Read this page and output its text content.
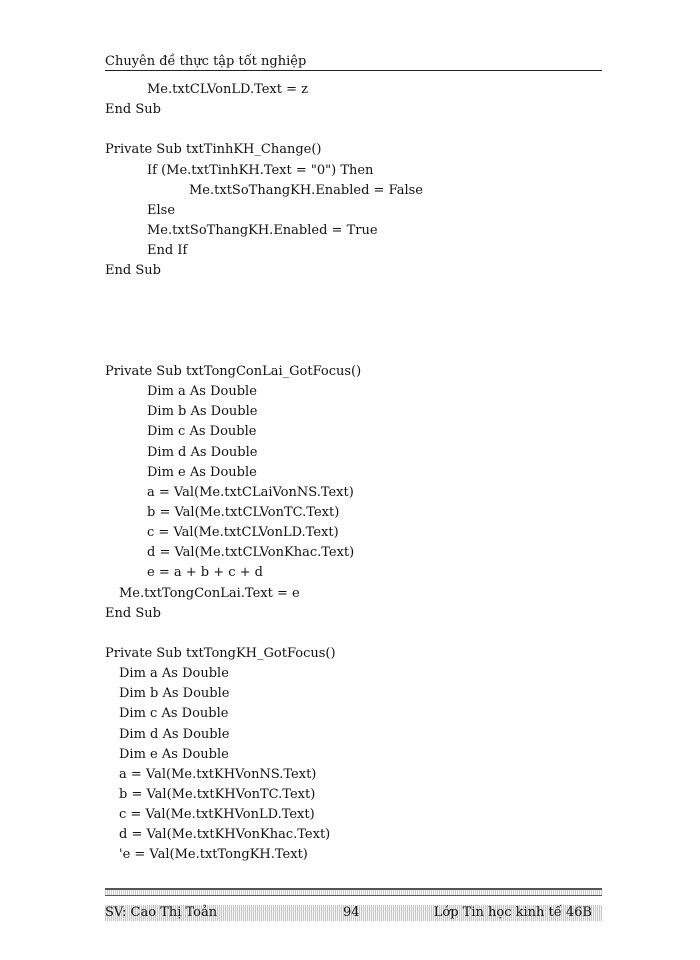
Chuyên đề thực tập tốt nghiệp
Me.txtCLVonLD.Text = z
End Sub
Private Sub txtTinhKH_Change()
If (Me.txtTinhKH.Text = "0") Then
Me.txtSoThangKH.Enabled = False
Else
Me.txtSoThangKH.Enabled = True
End If
End Sub
Private Sub txtTongConLai_GotFocus()
Dim a As Double
Dim b As Double
Dim c As Double
Dim d As Double
Dim e As Double
a = Val(Me.txtCLaiVonNS.Text)
b = Val(Me.txtCLVonTC.Text)
c = Val(Me.txtCLVonLD.Text)
d = Val(Me.txtCLVonKhac.Text)
e = a + b + c + d
Me.txtTongConLai.Text = e
End Sub
Private Sub txtTongKH_GotFocus()
Dim a As Double
Dim b As Double
Dim c As Double
Dim d As Double
Dim e As Double
a = Val(Me.txtKHVonNS.Text)
b = Val(Me.txtKHVonTC.Text)
c = Val(Me.txtKHVonLD.Text)
d = Val(Me.txtKHVonKhac.Text)
'e = Val(Me.txtTongKH.Text)
SV: Cao Thị Toản	94	Lớp Tin học kinh tế 46B
